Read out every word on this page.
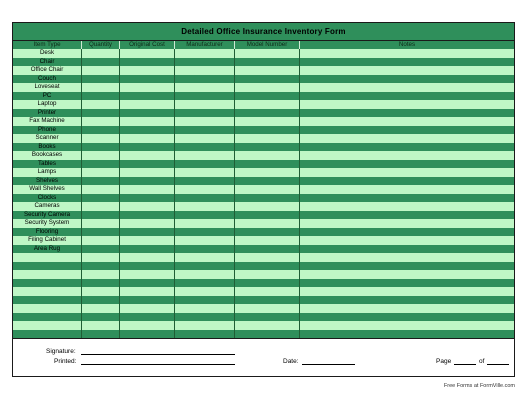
Detailed Office Insurance Inventory Form
Item Type	Quantity	Original Cost	Manufacturer	Model Number	Notes
Desk
Chair
Office Chair
Couch
Loveseat
PC
Laptop
Printer
Fax Machine
Phone
Scanner
Books
Bookcases
Tables
Lamps
Shelves
Wall Shelves
Clocks
Cameras
Security Camera
Security System
Flooring
Filing Cabinet
Area Rug
Signature:
Printed:	Date:	Page	of
Free Forms at FormVille.com
